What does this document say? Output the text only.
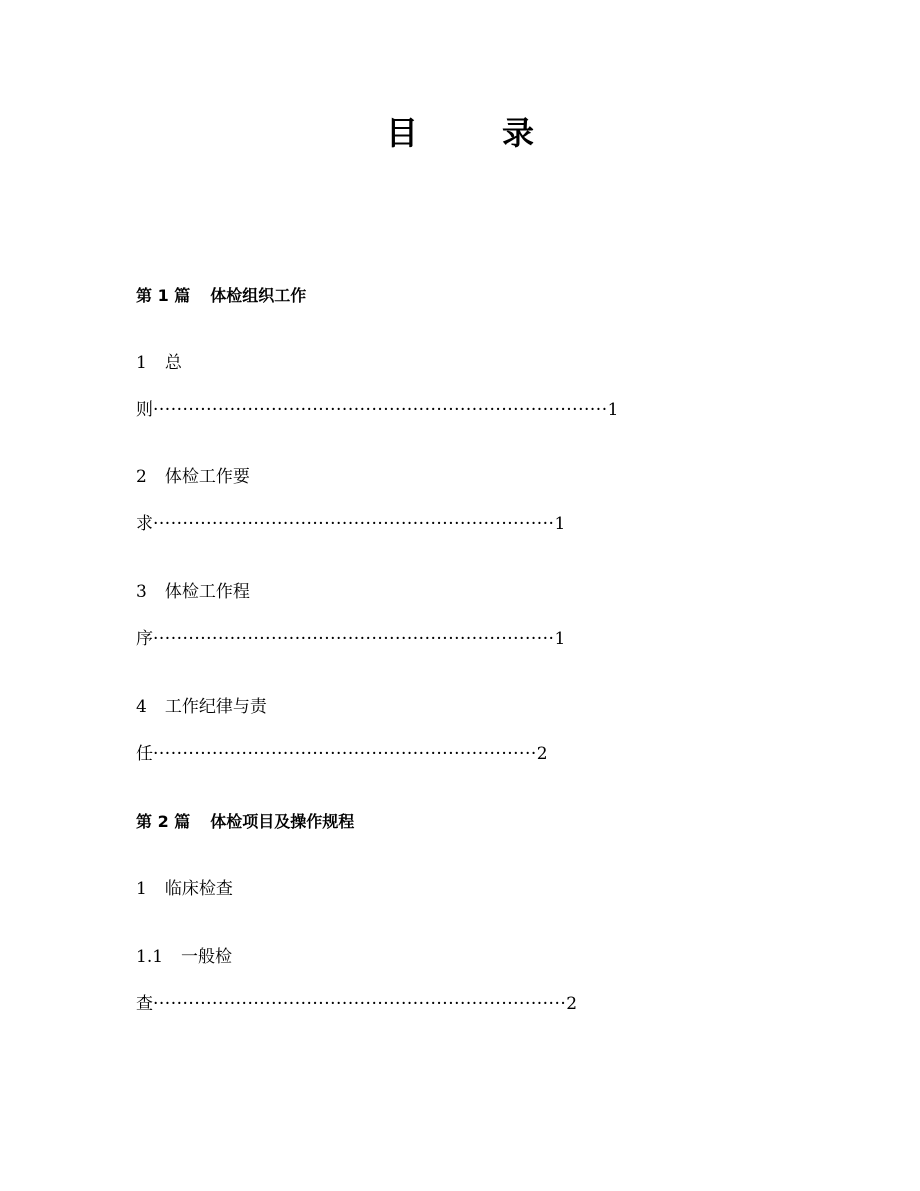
目	录
第 1 篇 体检组织工作
1 总
则·············································································1
2 体检工作要
求····································································1
3 体检工作程
序····································································1
4 工作纪律与责
任·································································2
第 2 篇 体检项目及操作规程
1 临床检查
1.1 一般检
查······································································2
